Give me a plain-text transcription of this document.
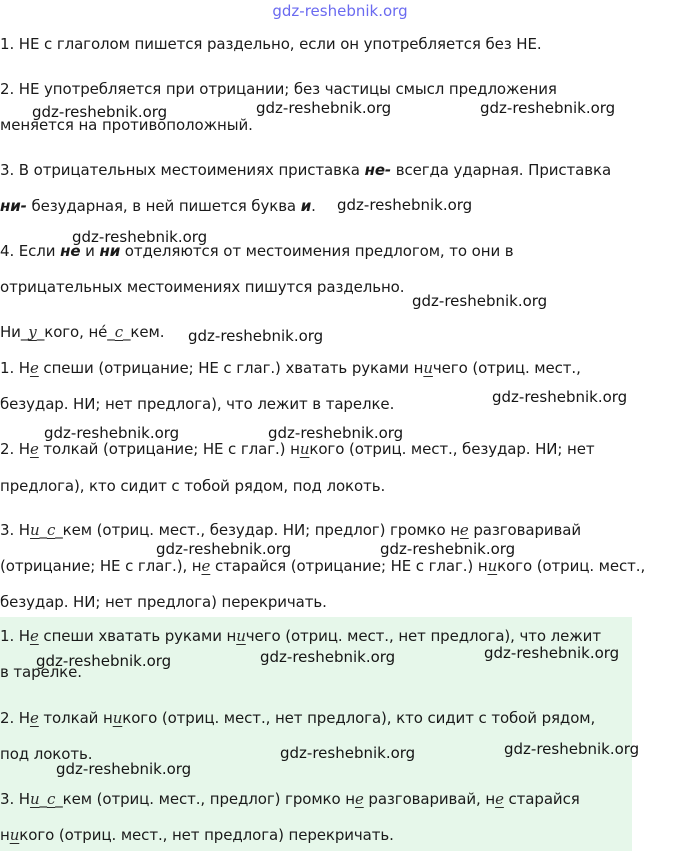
gdz-reshebnik.org

1. НЕ с глаголом пишется раздельно, если он употребляется без НЕ.

2. НЕ употребляется при отрицании; без частицы смысл предложения

меняется на противоположный.

3. В отрицательных местоимениях приставка не- всегда ударная. Приставка

ни- безударная, в ней пишется буква и.

4. Если не и ни отделяются от местоимения предлогом, то они в

отрицательных местоимениях пишутся раздельно.

Ни_у_кого, не́_с_кем.

1. Не спеши (отрицание; НЕ с глаг.) хватать руками ничего (отриц. мест.,

безудар. НИ; нет предлога), что лежит в тарелке.

2. Не толкай (отрицание; НЕ с глаг.) никого (отриц. мест., безудар. НИ; нет

предлога), кто сидит с тобой рядом, под локоть.

3. Ни_с_кем (отриц. мест., безудар. НИ; предлог) громко не разговаривай

(отрицание; НЕ с глаг.), не старайся (отрицание; НЕ с глаг.) никого (отриц. мест.,

безудар. НИ; нет предлога) перекричать.

1. Не спеши хватать руками ничего (отриц. мест., нет предлога), что лежит

в тарелке.

2. Не толкай никого (отриц. мест., нет предлога), кто сидит с тобой рядом,

под локоть.

3. Ни_с_кем (отриц. мест., предлог) громко не разговаривай, не старайся

никого (отриц. мест., нет предлога) перекричать.

gdz-reshebnik.org	gdz-reshebnik.org	gdz-reshebnik.org
gdz-reshebnik.org
gdz-reshebnik.org
gdz-reshebnik.org
gdz-reshebnik.org
gdz-reshebnik.org
gdz-reshebnik.org	gdz-reshebnik.org
gdz-reshebnik.org	gdz-reshebnik.org
gdz-reshebnik.org	gdz-reshebnik.org	gdz-reshebnik.org
gdz-reshebnik.org	gdz-reshebnik.org
gdz-reshebnik.org
